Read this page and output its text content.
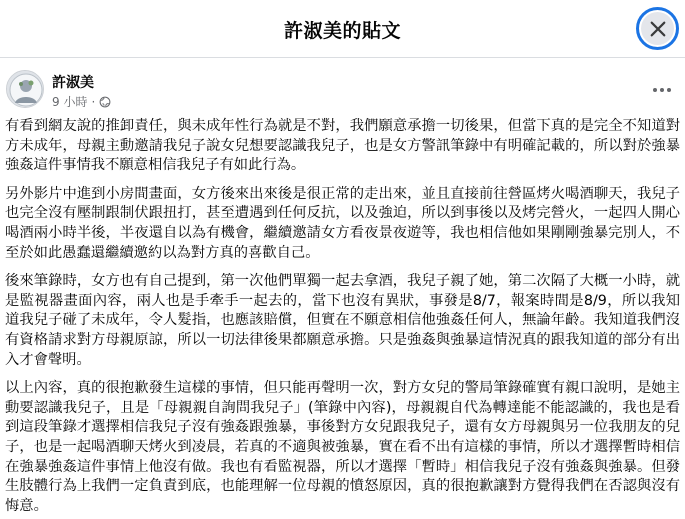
許淑美的貼文
許淑美
9 小時 ·

有看到網友說的推卸責任，與未成年性行為就是不對，我們願意承擔一切後果，但當下真的是完全不知道對方未成年，母親主動邀請我兒子說女兒想要認識我兒子，也是女方警訊筆錄中有明確記載的，所以對於強暴強姦這件事情我不願意相信我兒子有如此行為。

另外影片中進到小房間畫面，女方後來出來後是很正常的走出來，並且直接前往營區烤火喝酒聊天，我兒子也完全沒有壓制跟制伏跟扭打，甚至遭遇到任何反抗，以及強迫，所以到事後以及烤完營火，一起四人開心喝酒兩小時半後，半夜還自以為有機會，繼續邀請女方看夜景夜遊等，我也相信他如果剛剛強暴完別人，不至於如此愚蠢還繼續邀約以為對方真的喜歡自己。

後來筆錄時，女方也有自己提到，第一次他們單獨一起去拿酒，我兒子親了她，第二次隔了大概一小時，就是監視器畫面內容，兩人也是手牽手一起去的，當下也沒有異狀，事發是8/7，報案時間是8/9，所以我知道我兒子碰了未成年，令人髮指，也應該賠償，但實在不願意相信他強姦任何人，無論年齡。我知道我們沒有資格請求對方母親原諒，所以一切法律後果都願意承擔。只是強姦與強暴這情況真的跟我知道的部分有出入才會聲明。

以上內容，真的很抱歉發生這樣的事情，但只能再聲明一次，對方女兒的警局筆錄確實有親口說明，是她主動要認識我兒子，且是「母親親自詢問我兒子」(筆錄中內容)，母親親自代為轉達能不能認識的，我也是看到這段筆錄才選擇相信我兒子沒有強姦跟強暴，事後對方女兒跟我兒子，還有女方母親與另一位我朋友的兒子，也是一起喝酒聊天烤火到凌晨，若真的不適與被強暴，實在看不出有這樣的事情，所以才選擇暫時相信在強暴強姦這件事情上他沒有做。我也有看監視器，所以才選擇「暫時」相信我兒子沒有強姦與強暴。但發生肢體行為上我們一定負責到底，也能理解一位母親的憤怒原因，真的很抱歉讓對方覺得我們在否認與沒有悔意。
